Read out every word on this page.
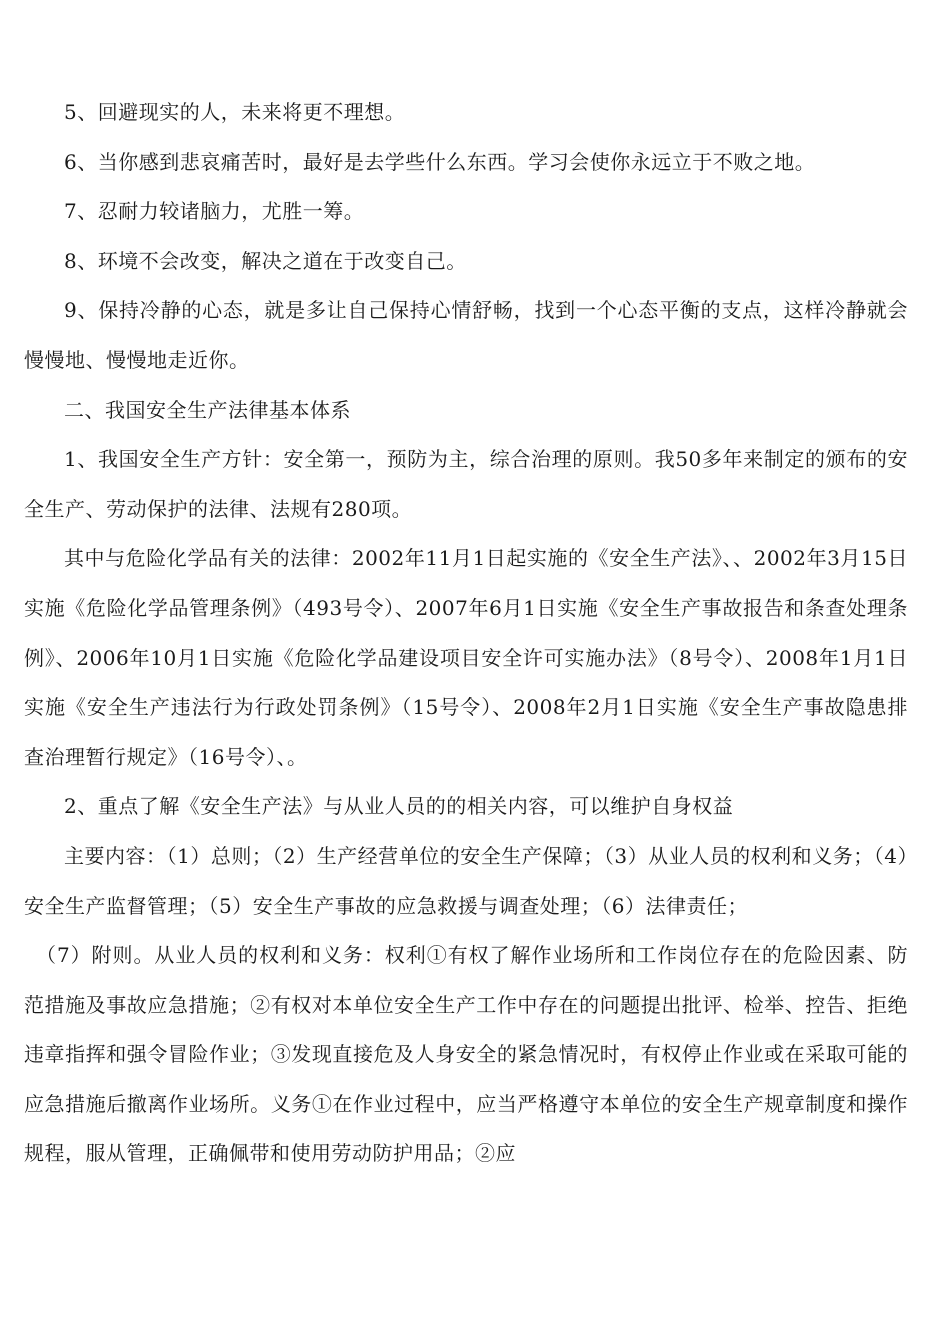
5、回避现实的人，未来将更不理想。

6、当你感到悲哀痛苦时，最好是去学些什么东西。学习会使你永远立于不败之地。

7、忍耐力较诸脑力，尤胜一筹。

8、环境不会改变，解决之道在于改变自己。

9、保持冷静的心态，就是多让自己保持心情舒畅，找到一个心态平衡的支点，这样冷静就会慢慢地、慢慢地走近你。

二、我国安全生产法律基本体系

1、我国安全生产方针：安全第一，预防为主，综合治理的原则。我50多年来制定的颁布的安全生产、劳动保护的法律、法规有280项。

其中与危险化学品有关的法律：2002年11月1日起实施的《安全生产法》、、2002年3月15日实施《危险化学品管理条例》（493号令）、2007年6月1日实施《安全生产事故报告和条查处理条例》、2006年10月1日实施《危险化学品建设项目安全许可实施办法》（8号令）、2008年1月1日实施《安全生产违法行为行政处罚条例》（15号令）、2008年2月1日实施《安全生产事故隐患排查治理暂行规定》（16号令）、。

2、重点了解《安全生产法》与从业人员的的相关内容，可以维护自身权益

主要内容：（1）总则；（2）生产经营单位的安全生产保障；（3）从业人员的权利和义务；（4）安全生产监督管理；（5）安全生产事故的应急救援与调查处理；（6）法律责任；

（7）附则。从业人员的权利和义务：权利①有权了解作业场所和工作岗位存在的危险因素、防范措施及事故应急措施；②有权对本单位安全生产工作中存在的问题提出批评、检举、控告、拒绝违章指挥和强令冒险作业；③发现直接危及人身安全的紧急情况时，有权停止作业或在采取可能的应急措施后撤离作业场所。义务①在作业过程中，应当严格遵守本单位的安全生产规章制度和操作规程，服从管理，正确佩带和使用劳动防护用品；②应
